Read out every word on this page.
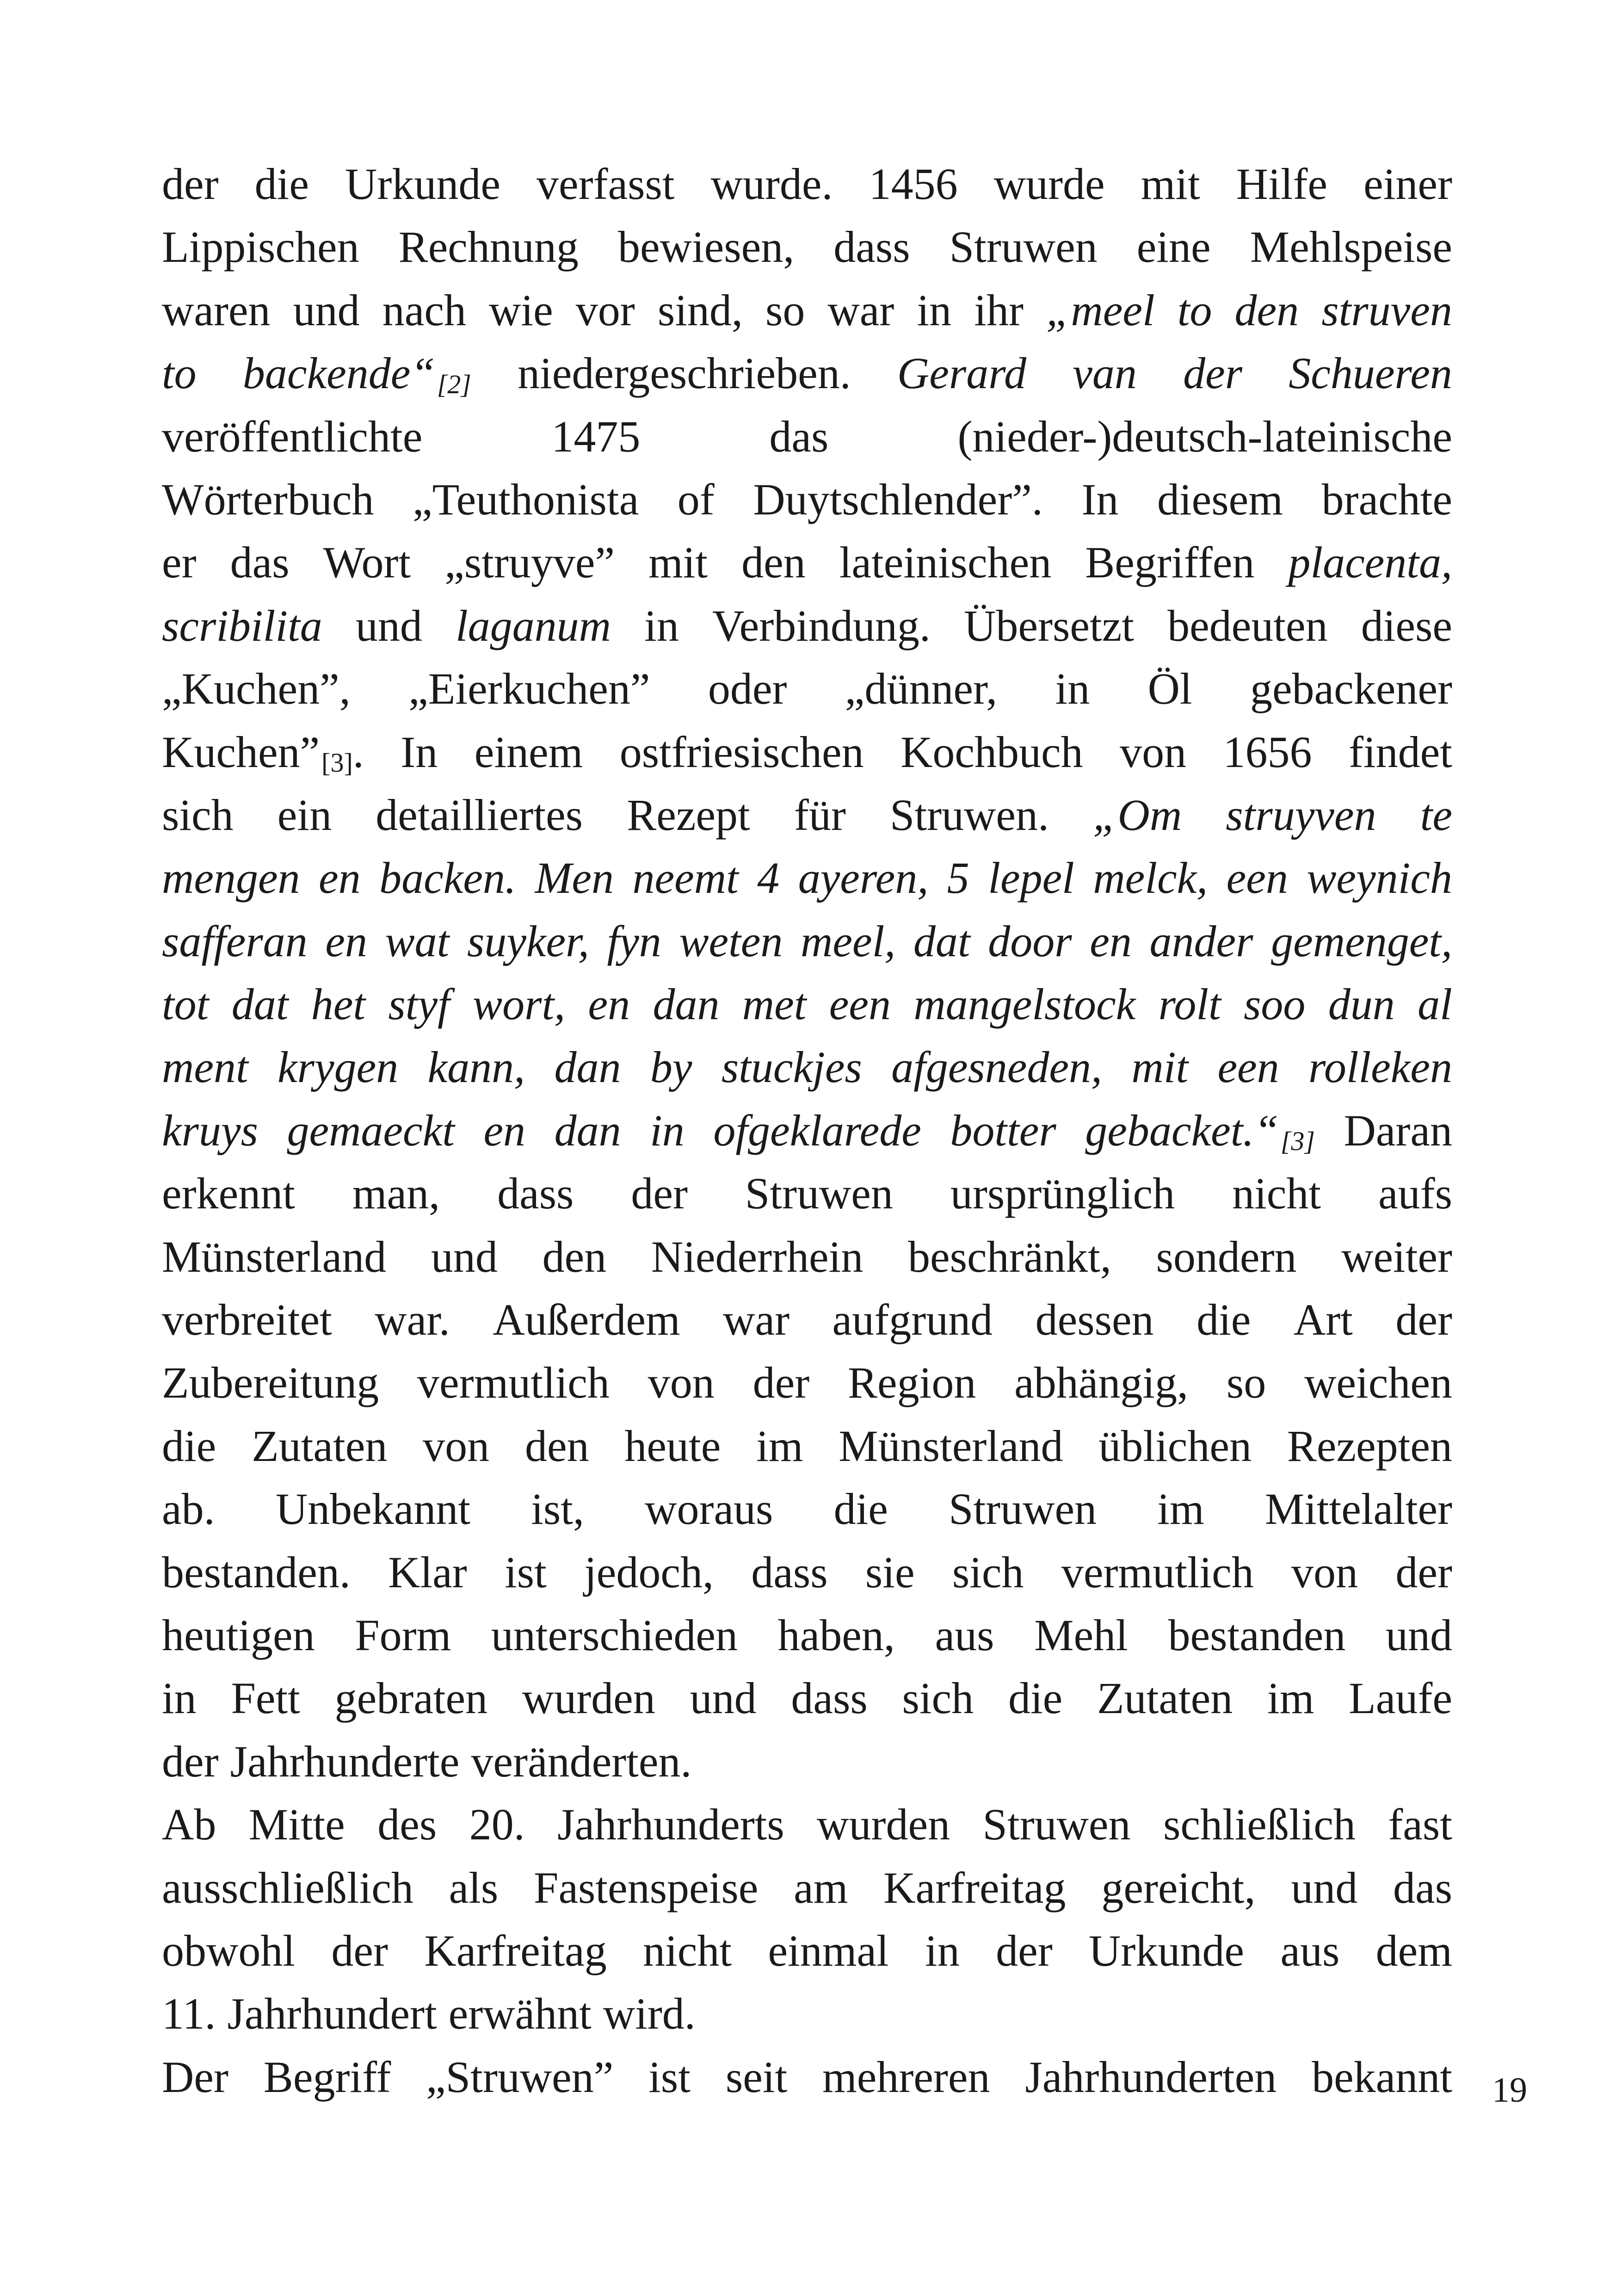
der die Urkunde verfasst wurde. 1456 wurde mit Hilfe einer
Lippischen Rechnung bewiesen, dass Struwen eine Mehlspeise
waren und nach wie vor sind, so war in ihr „meel to den struven
to backende“[2] niedergeschrieben. Gerard van der Schueren
veröffentlichte	1475	das	(nieder-)deutsch-lateinische
Wörterbuch „Teuthonista of Duytschlender”. In diesem brachte
er das Wort „struyve” mit den lateinischen Begriffen placenta,
scribilita und laganum in Verbindung. Übersetzt bedeuten diese
„Kuchen”, „Eierkuchen” oder „dünner, in Öl gebackener
Kuchen”[3]. In einem ostfriesischen Kochbuch von 1656 findet
sich ein detailliertes Rezept für Struwen. „Om struyven te
mengen en backen. Men neemt 4 ayeren, 5 lepel melck, een weynich
safferan en wat suyker, fyn weten meel, dat door en ander gemenget,
tot dat het styf wort, en dan met een mangelstock rolt soo dun al
ment krygen kann, dan by stuckjes afgesneden, mit een rolleken
kruys gemaeckt en dan in ofgeklarede botter gebacket.“[3] Daran
erkennt man, dass der Struwen ursprünglich nicht aufs
Münsterland und den Niederrhein beschränkt, sondern weiter
verbreitet war. Außerdem war aufgrund dessen die Art der
Zubereitung vermutlich von der Region abhängig, so weichen
die Zutaten von den heute im Münsterland üblichen Rezepten
ab. Unbekannt ist, woraus die Struwen im Mittelalter
bestanden. Klar ist jedoch, dass sie sich vermutlich von der
heutigen Form unterschieden haben, aus Mehl bestanden und
in Fett gebraten wurden und dass sich die Zutaten im Laufe
der Jahrhunderte veränderten.
Ab Mitte des 20. Jahrhunderts wurden Struwen schließlich fast
ausschließlich als Fastenspeise am Karfreitag gereicht, und das
obwohl der Karfreitag nicht einmal in der Urkunde aus dem
11. Jahrhundert erwähnt wird.
Der Begriff „Struwen” ist seit mehreren Jahrhunderten bekannt 19
